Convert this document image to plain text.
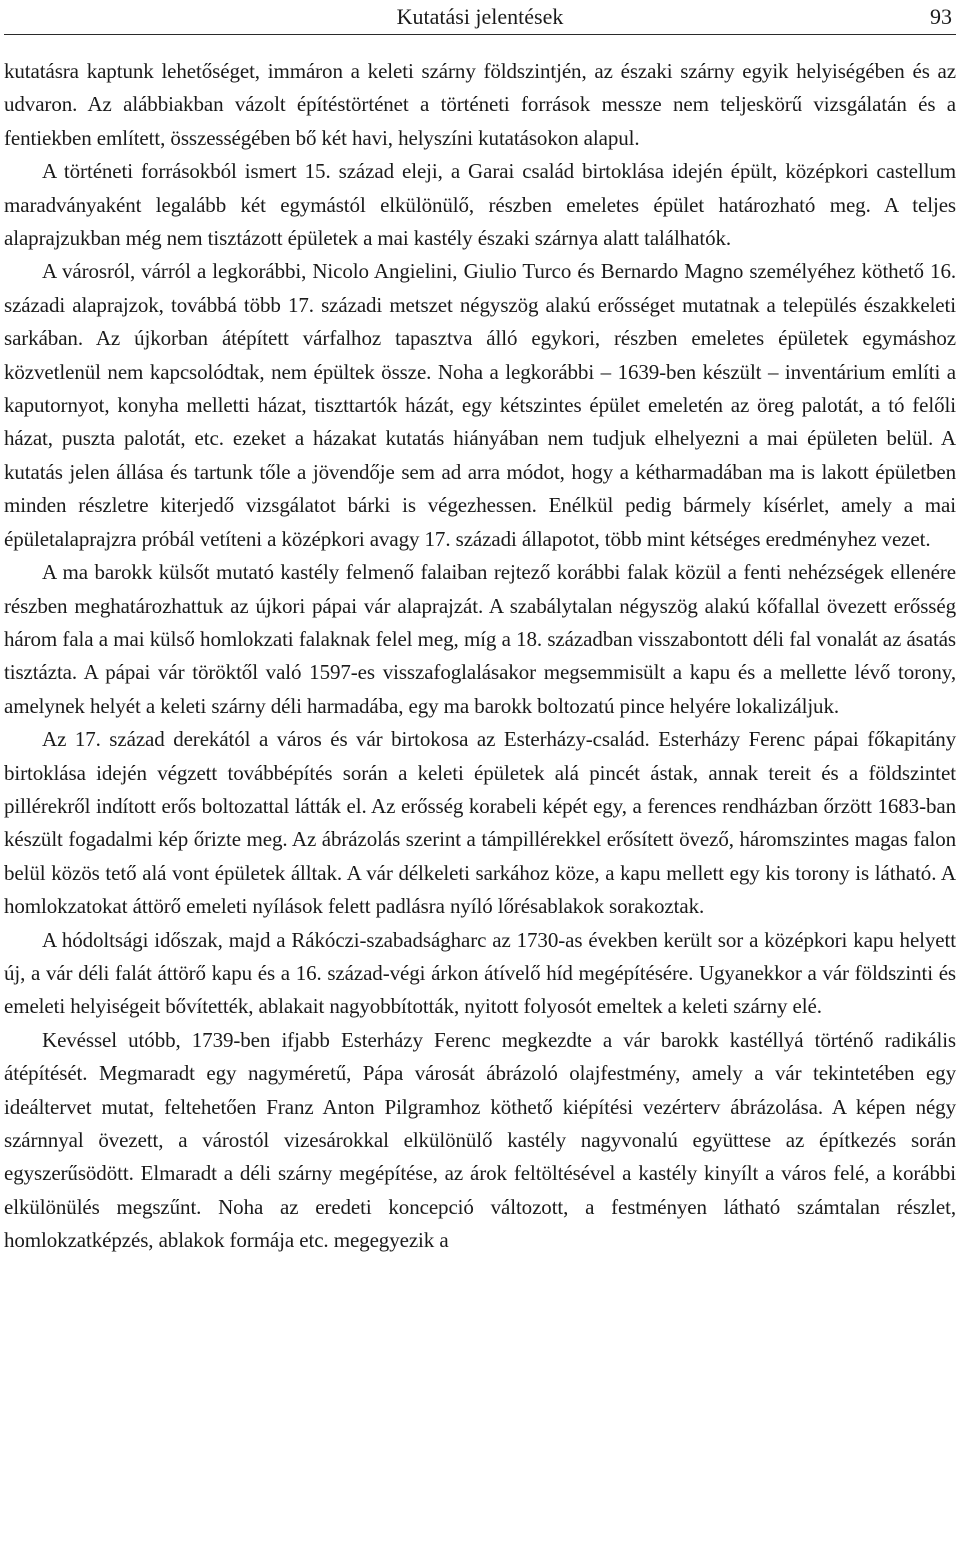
Kutatási jelentések	93

kutatásra kaptunk lehetőséget, immáron a keleti szárny földszintjén, az északi szárny egyik helyiségében és az udvaron. Az alábbiakban vázolt építéstörténet a történeti források messze nem teljeskörű vizsgálatán és a fentiekben említett, összességében bő két havi, helyszíni kutatásokon alapul.

A történeti forrásokból ismert 15. század eleji, a Garai család birtoklása idején épült, középkori castellum maradványaként legalább két egymástól elkülönülő, részben emeletes épület határozható meg. A teljes alaprajzukban még nem tisztázott épületek a mai kastély északi szárnya alatt találhatók.

A városról, várról a legkorábbi, Nicolo Angielini, Giulio Turco és Bernardo Magno személyéhez köthető 16. századi alaprajzok, továbbá több 17. századi metszet négyszög alakú erősséget mutatnak a település északkeleti sarkában. Az újkorban átépített várfalhoz tapasztva álló egykori, részben emeletes épületek egymáshoz közvetlenül nem kapcsolódtak, nem épültek össze. Noha a legkorábbi – 1639-ben készült – inventárium említi a kaputornyot, konyha melletti házat, tiszttartók házát, egy kétszintes épület emeletén az öreg palotát, a tó felőli házat, puszta palotát, etc. ezeket a házakat kutatás hiányában nem tudjuk elhelyezni a mai épületen belül. A kutatás jelen állása és tartunk tőle a jövendője sem ad arra módot, hogy a kétharmadában ma is lakott épületben minden részletre kiterjedő vizsgálatot bárki is végezhessen. Enélkül pedig bármely kísérlet, amely a mai épületalaprajzra próbál vetíteni a középkori avagy 17. századi állapotot, több mint kétséges eredményhez vezet.

A ma barokk külsőt mutató kastély felmenő falaiban rejtező korábbi falak közül a fenti nehézségek ellenére részben meghatározhattuk az újkori pápai vár alaprajzát. A szabálytalan négyszög alakú kőfallal övezett erősség három fala a mai külső homlokzati falaknak felel meg, míg a 18. században visszabontott déli fal vonalát az ásatás tisztázta. A pápai vár töröktől való 1597-es visszafoglalásakor megsemmisült a kapu és a mellette lévő torony, amelynek helyét a keleti szárny déli harmadába, egy ma barokk boltozatú pince helyére lokalizáljuk.

Az 17. század derekától a város és vár birtokosa az Esterházy-család. Esterházy Ferenc pápai főkapitány birtoklása idején végzett továbbépítés során a keleti épületek alá pincét ástak, annak tereit és a földszintet pillérekről indított erős boltozattal látták el. Az erősség korabeli képét egy, a ferences rendházban őrzött 1683-ban készült fogadalmi kép őrizte meg. Az ábrázolás szerint a támpillérekkel erősített övező, háromszintes magas falon belül közös tető alá vont épületek álltak. A vár délkeleti sarkához köze, a kapu mellett egy kis torony is látható. A homlokzatokat áttörő emeleti nyílások felett padlásra nyíló lőrésablakok sorakoztak.

A hódoltsági időszak, majd a Rákóczi-szabadságharc az 1730-as években került sor a középkori kapu helyett új, a vár déli falát áttörő kapu és a 16. század-végi árkon átívelő híd megépítésére. Ugyanekkor a vár földszinti és emeleti helyiségeit bővítették, ablakait nagyobbították, nyitott folyosót emeltek a keleti szárny elé.

Kevéssel utóbb, 1739-ben ifjabb Esterházy Ferenc megkezdte a vár barokk kastéllyá történő radikális átépítését. Megmaradt egy nagyméretű, Pápa városát ábrázoló olajfestmény, amely a vár tekintetében egy ideáltervet mutat, feltehetően Franz Anton Pilgramhoz köthető kiépítési vezérterv ábrázolása. A képen négy szárnnyal övezett, a várostól vizesárokkal elkülönülő kastély nagyvonalú együttese az építkezés során egyszerűsödött. Elmaradt a déli szárny megépítése, az árok feltöltésével a kastély kinyílt a város felé, a korábbi elkülönülés megszűnt. Noha az eredeti koncepció változott, a festményen látható számtalan részlet, homlokzatképzés, ablakok formája etc. megegyezik a
